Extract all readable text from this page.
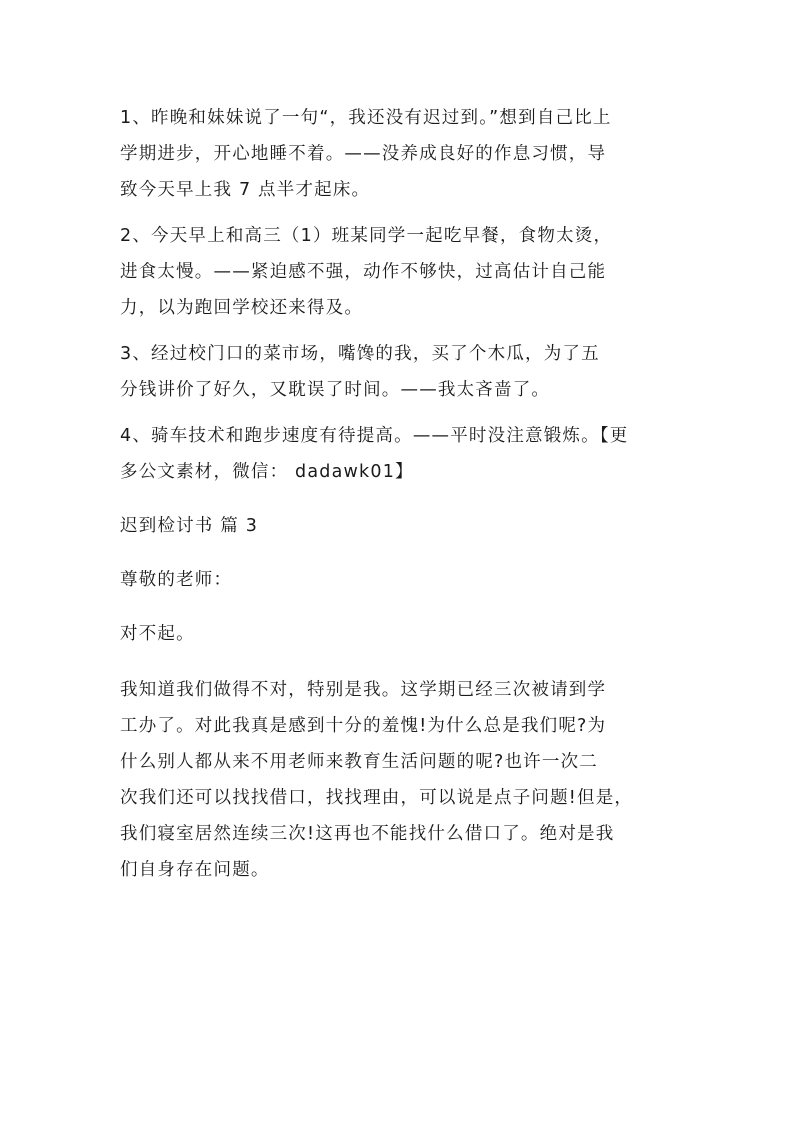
1、昨晚和妹妹说了一句“，我还没有迟过到。”想到自己比上
学期进步，开心地睡不着。——没养成良好的作息习惯，导
致今天早上我 7 点半才起床。
2、今天早上和高三（1）班某同学一起吃早餐，食物太烫，
进食太慢。——紧迫感不强，动作不够快，过高估计自己能
力，以为跑回学校还来得及。
3、经过校门口的菜市场，嘴馋的我，买了个木瓜，为了五
分钱讲价了好久，又耽误了时间。——我太吝啬了。
4、骑车技术和跑步速度有待提高。——平时没注意锻炼。【更
多公文素材，微信： dadawk01】
迟到检讨书 篇 3
尊敬的老师：
对不起。
我知道我们做得不对，特别是我。这学期已经三次被请到学
工办了。对此我真是感到十分的羞愧!为什么总是我们呢?为
什么别人都从来不用老师来教育生活问题的呢?也许一次二
次我们还可以找找借口，找找理由，可以说是点子问题!但是，
我们寝室居然连续三次!这再也不能找什么借口了。绝对是我
们自身存在问题。
